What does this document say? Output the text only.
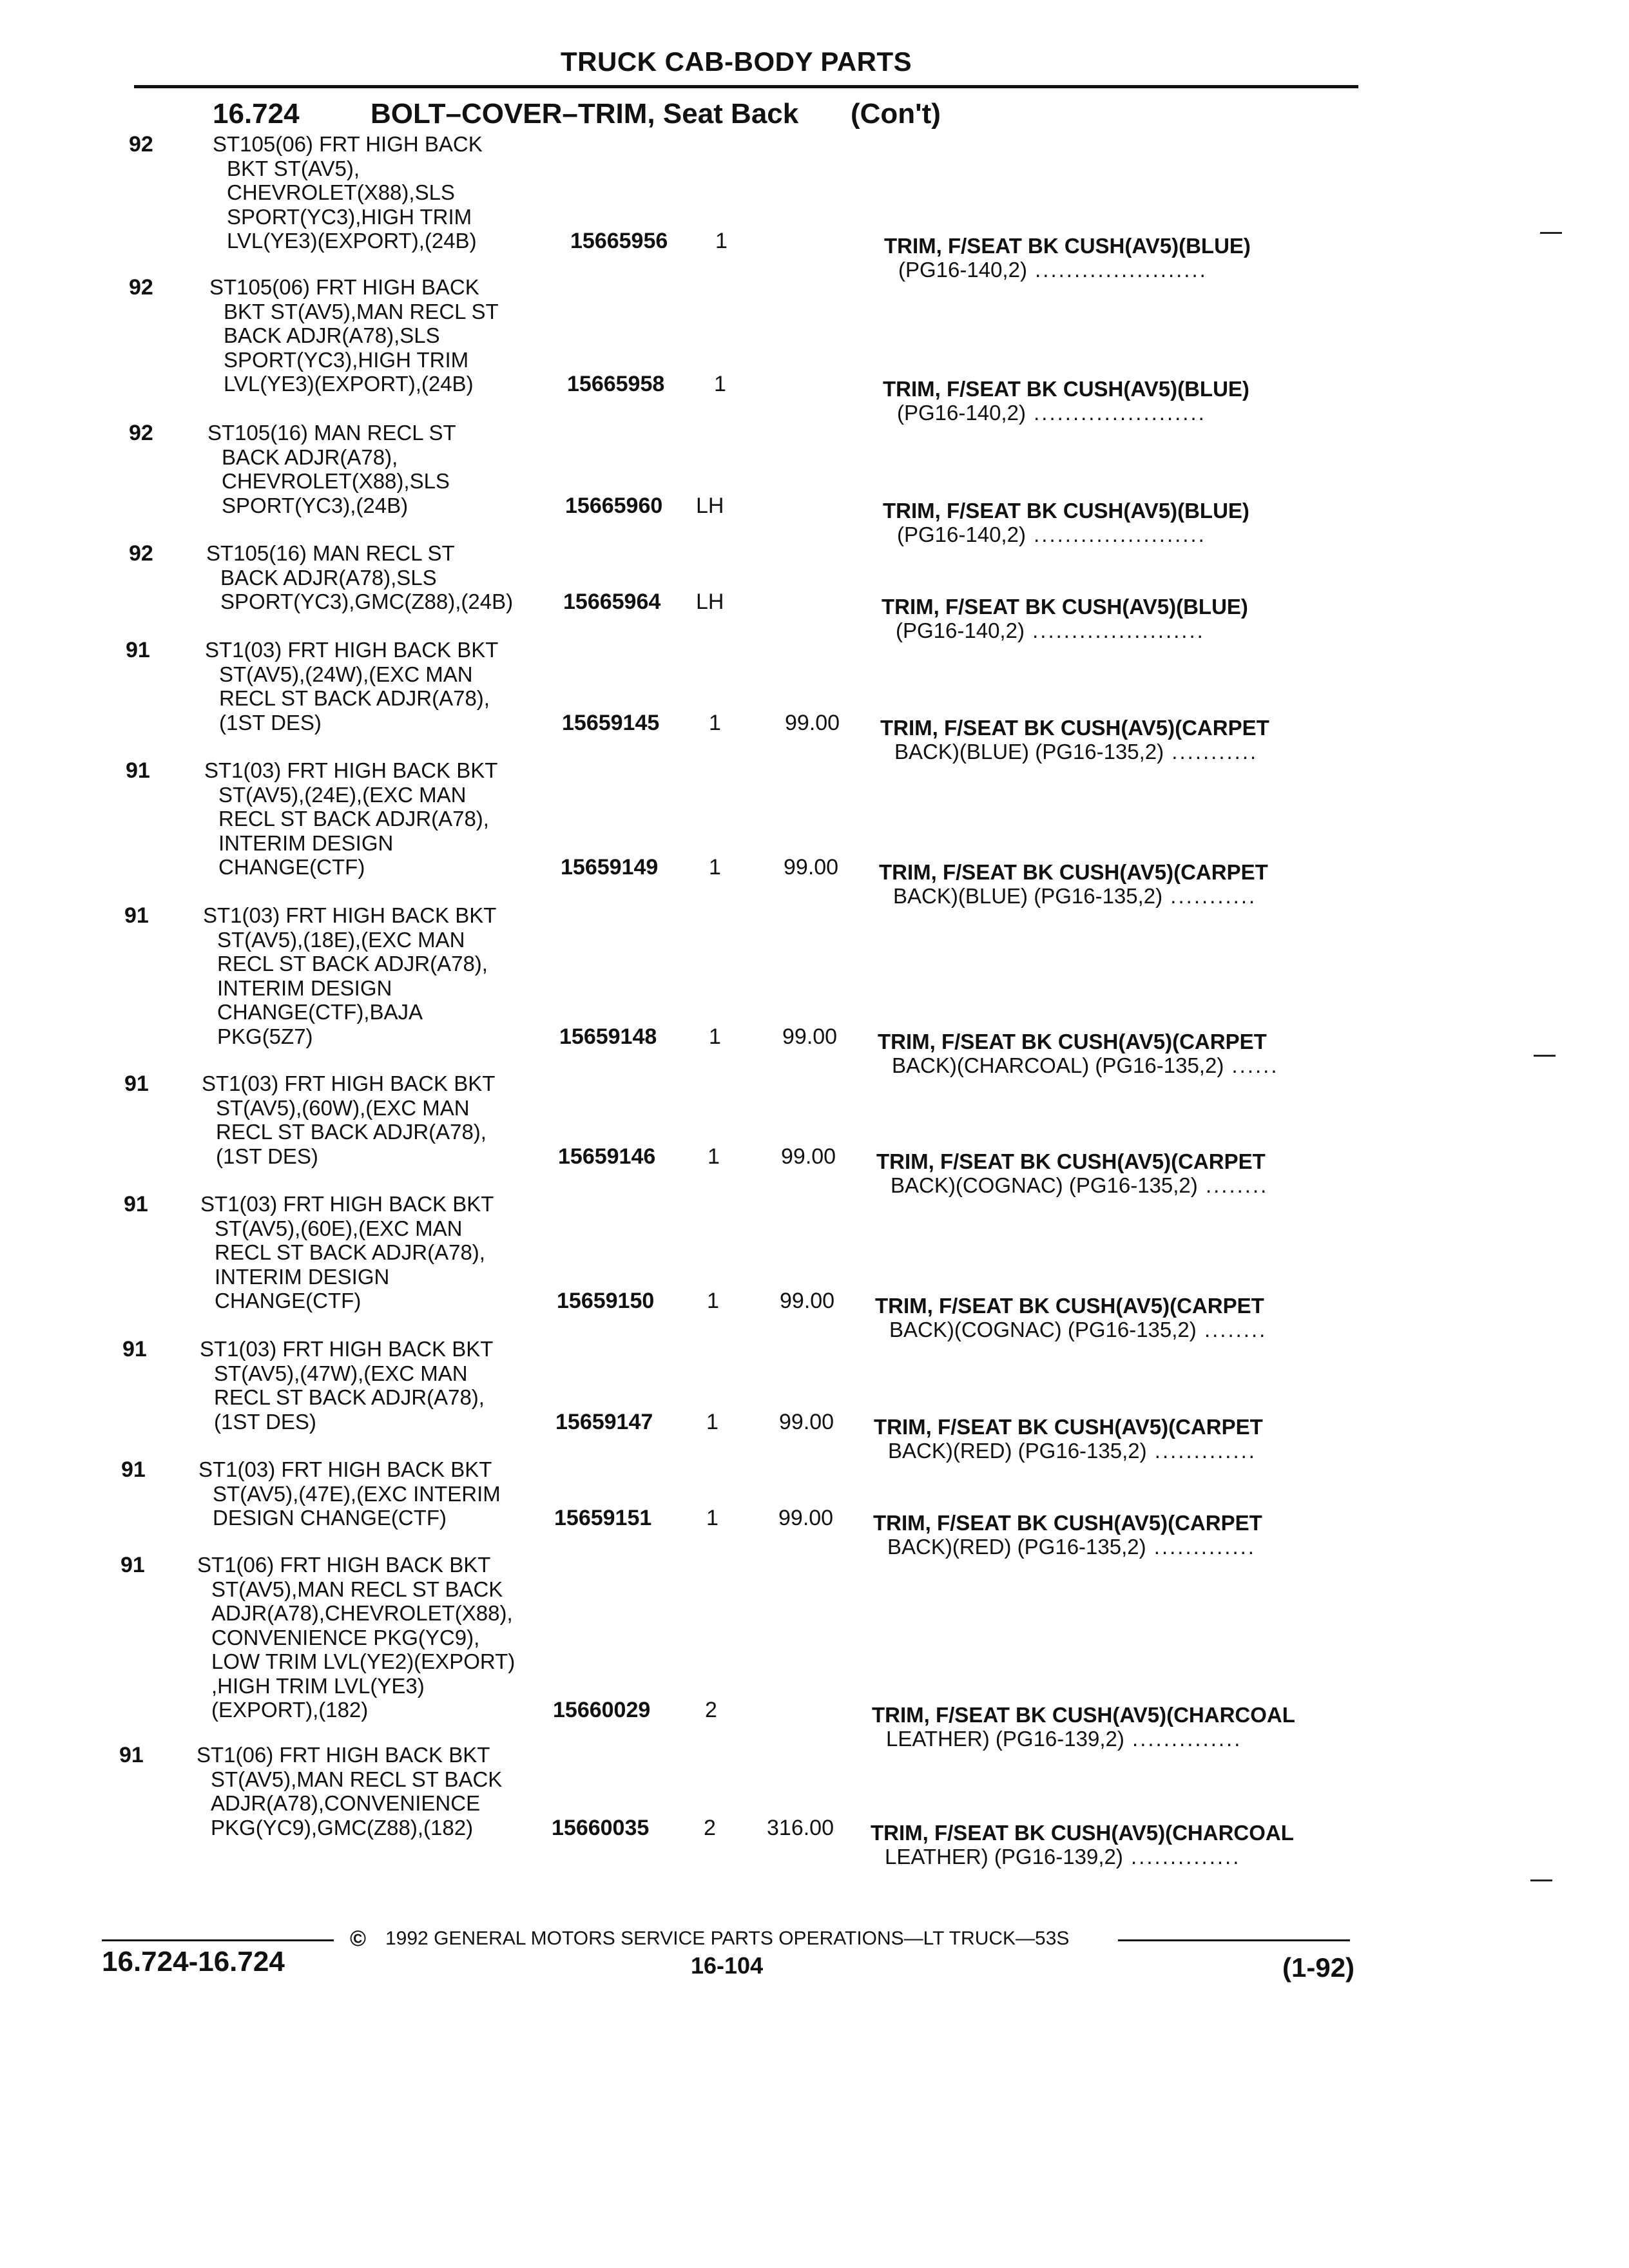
TRUCK CAB-BODY PARTS
16.724	BOLT–COVER–TRIM, Seat Back (Con't)
92	ST105(06) FRT HIGH BACK
BKT ST(AV5),
CHEVROLET(X88),SLS
SPORT(YC3),HIGH TRIM
LVL(YE3)(EXPORT),(24B)	15665956 1	TRIM, F/SEAT BK CUSH(AV5)(BLUE)
(PG16-140,2) ......................
92	ST105(06) FRT HIGH BACK
BKT ST(AV5),MAN RECL ST
BACK ADJR(A78),SLS
SPORT(YC3),HIGH TRIM
LVL(YE3)(EXPORT),(24B)	15665958 1	TRIM, F/SEAT BK CUSH(AV5)(BLUE)
(PG16-140,2) ......................
92	ST105(16) MAN RECL ST
BACK ADJR(A78),
CHEVROLET(X88),SLS
SPORT(YC3),(24B)	15665960 LH	TRIM, F/SEAT BK CUSH(AV5)(BLUE)
(PG16-140,2) ......................
92 ST105(16) MAN RECL ST
BACK ADJR(A78),SLS
SPORT(YC3),GMC(Z88),(24B)	15665964 LH	TRIM, F/SEAT BK CUSH(AV5)(BLUE)
(PG16-140,2) ......................
91	ST1(03) FRT HIGH BACK BKT
ST(AV5),(24W),(EXC MAN
RECL ST BACK ADJR(A78),
(1ST DES)	15659145 1	99.00 TRIM, F/SEAT BK CUSH(AV5)(CARPET
BACK)(BLUE) (PG16-135,2) ...........
91	ST1(03) FRT HIGH BACK BKT
ST(AV5),(24E),(EXC MAN
RECL ST BACK ADJR(A78),
INTERIM DESIGN
CHANGE(CTF)	15659149 1	99.00 TRIM, F/SEAT BK CUSH(AV5)(CARPET
BACK)(BLUE) (PG16-135,2) ...........
91	ST1(03) FRT HIGH BACK BKT
ST(AV5),(18E),(EXC MAN
RECL ST BACK ADJR(A78),
INTERIM DESIGN
CHANGE(CTF),BAJA
PKG(5Z7)	15659148 1	99.00 TRIM, F/SEAT BK CUSH(AV5)(CARPET
BACK)(CHARCOAL) (PG16-135,2) ......
91 ST1(03) FRT HIGH BACK BKT
ST(AV5),(60W),(EXC MAN
RECL ST BACK ADJR(A78),
(1ST DES)	15659146 1	99.00 TRIM, F/SEAT BK CUSH(AV5)(CARPET
BACK)(COGNAC) (PG16-135,2) ........
91 ST1(03) FRT HIGH BACK BKT
ST(AV5),(60E),(EXC MAN
RECL ST BACK ADJR(A78),
INTERIM DESIGN
CHANGE(CTF)	15659150 1	99.00 TRIM, F/SEAT BK CUSH(AV5)(CARPET
BACK)(COGNAC) (PG16-135,2) ........
91 ST1(03) FRT HIGH BACK BKT
ST(AV5),(47W),(EXC MAN
RECL ST BACK ADJR(A78),
(1ST DES)	15659147 1	99.00 TRIM, F/SEAT BK CUSH(AV5)(CARPET
BACK)(RED) (PG16-135,2) .............
91 ST1(03) FRT HIGH BACK BKT
ST(AV5),(47E),(EXC INTERIM
DESIGN CHANGE(CTF)	15659151 1	99.00 TRIM, F/SEAT BK CUSH(AV5)(CARPET
BACK)(RED) (PG16-135,2) .............
91 ST1(06) FRT HIGH BACK BKT
ST(AV5),MAN RECL ST BACK
ADJR(A78),CHEVROLET(X88),
CONVENIENCE PKG(YC9),
LOW TRIM LVL(YE2)(EXPORT)
,HIGH TRIM LVL(YE3)
(EXPORT),(182)	15660029 2	TRIM, F/SEAT BK CUSH(AV5)(CHARCOAL
LEATHER) (PG16-139,2) ..............
91 ST1(06) FRT HIGH BACK BKT
ST(AV5),MAN RECL ST BACK
ADJR(A78),CONVENIENCE
PKG(YC9),GMC(Z88),(182)	15660035 2 316.00 TRIM, F/SEAT BK CUSH(AV5)(CHARCOAL
LEATHER) (PG16-139,2) ..............
© 1992 GENERAL MOTORS SERVICE PARTS OPERATIONS—LT TRUCK—53S
16.724-16.724	16-104	(1-92)
